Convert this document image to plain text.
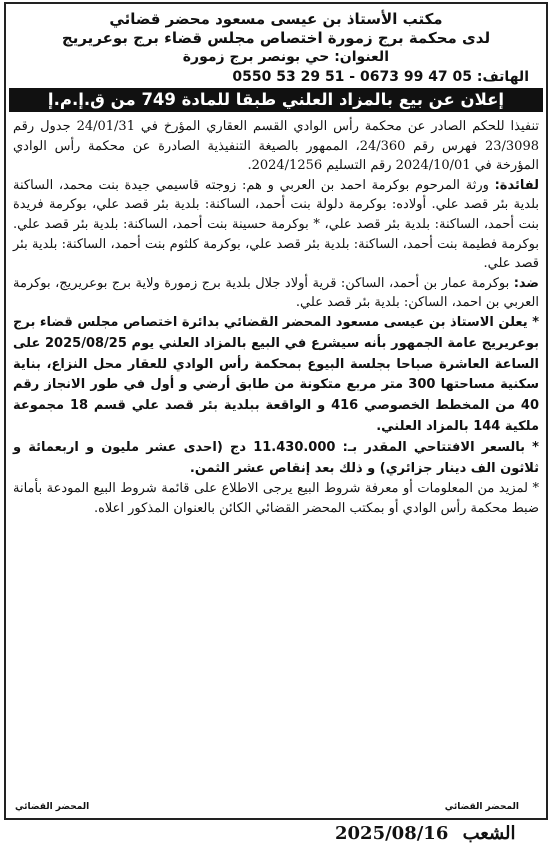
مكتب الأستاذ بن عيسى مسعود محضر قضائي
لدى محكمة برج زمورة اختصاص مجلس قضاء برج بوعريريج
العنوان: حي بونصر برج زمورة
الهاتف: 05 47 99 0673 - 51 29 53 0550
إعلان عن بيع بالمزاد العلني طبقا للمادة 749 من ق.إ.م.إ

تنفيذا للحكم الصادر عن محكمة رأس الوادي القسم العقاري المؤرخ في 24/01/31 جدول رقم 23/3098 فهرس رقم 24/360، الممهور بالصيغة التنفيذية الصادرة عن محكمة رأس الوادي المؤرخة في 2024/10/01 رقم التسليم 2024/1256.

لفائدة: ورثة المرحوم بوكرمة احمد بن العربي و هم: زوجته قاسيمي جيدة بنت محمد، الساكنة بلدية بئر قصد علي. أولاده: بوكرمة دلولة بنت أحمد، الساكنة: بلدية بئر قصد علي، بوكرمة فريدة بنت أحمد، الساكنة: بلدية بئر قصد علي، * بوكرمة حسينة بنت أحمد، الساكنة: بلدية بئر قصد علي. بوكرمة فطيمة بنت أحمد، الساكنة: بلدية بئر قصد علي، بوكرمة كلثوم بنت أحمد، الساكنة: بلدية بئر قصد علي.

ضد: بوكرمة عمار بن أحمد، الساكن: قرية أولاد جلال بلدية برج زمورة ولاية برج بوعريريج، بوكرمة العربي بن احمد، الساكن: بلدية بئر قصد علي.

* يعلن الاستاذ بن عيسى مسعود المحضر القضائي بدائرة اختصاص مجلس قضاء برج بوعريريج عامة الجمهور بأنه سيشرع في البيع بالمزاد العلني يوم 2025/08/25 على الساعة العاشرة صباحا بجلسة البيوع بمحكمة رأس الوادي للعقار محل النزاع، بناية سكنية مساحتها 300 متر مربع متكونة من طابق أرضي و أول في طور الانجاز رقم 40 من المخطط الخصوصي 416 و الواقعة ببلدية بئر قصد علي قسم 18 مجموعة ملكية 144 بالمزاد العلني.
* بالسعر الافتتاحي المقدر بـ: 11.430.000 دج (احدى عشر مليون و اربعمائة و ثلاثون الف دينار جزائري) و ذلك بعد إنقاص عشر الثمن.
* لمزيد من المعلومات أو معرفة شروط البيع يرجى الاطلاع على قائمة شروط البيع المودعة بأمانة ضبط محكمة رأس الوادي أو بمكتب المحضر القضائي الكائن بالعنوان المذكور اعلاه.
المحضر القضائي
المحضر القضائي
الشعب 2025/08/16
